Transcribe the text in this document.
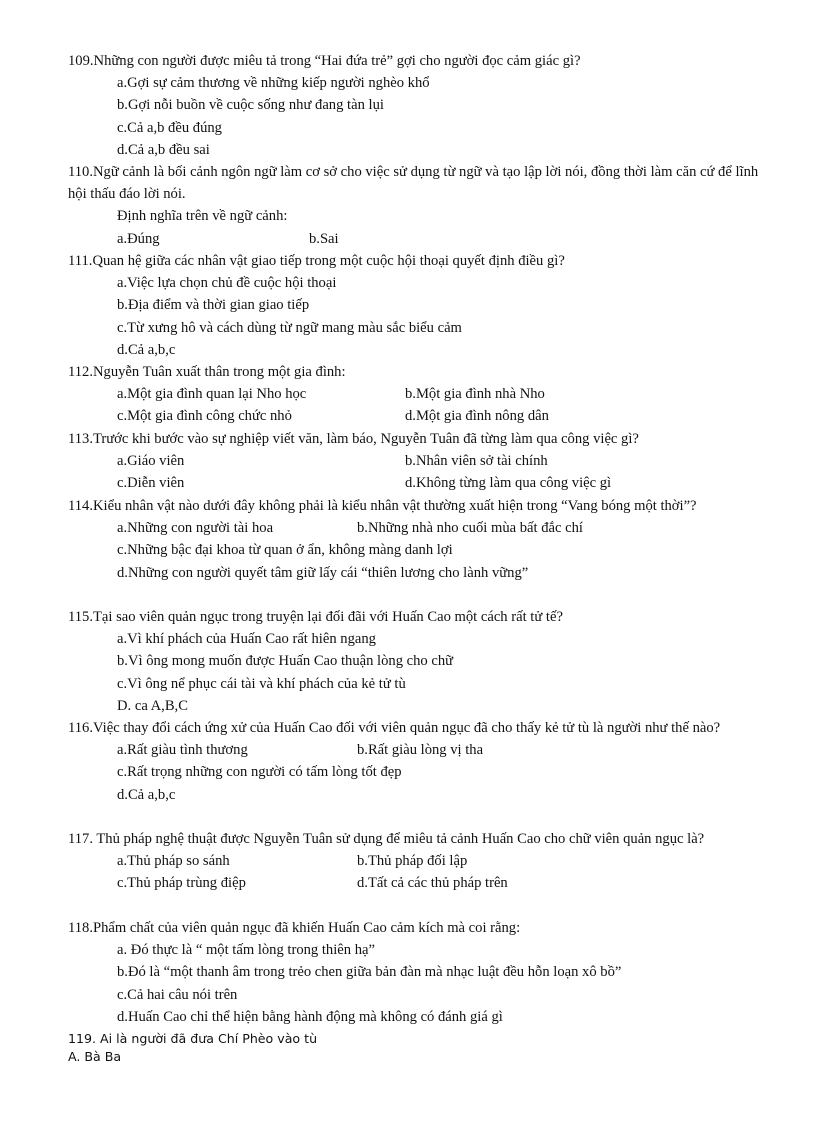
109.Những con người được miêu tả trong “Hai đứa trẻ” gợi cho người đọc cảm giác gì?
a.Gợi sự cảm thương về những kiếp người nghèo khổ
b.Gợi nỗi buồn về cuộc sống như đang tàn lụi
c.Cả a,b đều đúng
d.Cả a,b đều sai
110.Ngữ cảnh là bối cảnh ngôn ngữ làm cơ sở cho việc sử dụng từ ngữ và tạo lập lời nói, đồng thời làm căn cứ để lĩnh hội thấu đáo lời nói.
Định nghĩa trên về ngữ cảnh:
a.Đúng	b.Sai
111.Quan hệ giữa các nhân vật giao tiếp trong một cuộc hội thoại quyết định điều gì?
a.Việc lựa chọn chủ đề cuộc hội thoại
b.Địa điểm và thời gian giao tiếp
c.Từ xưng hô và cách dùng từ ngữ mang màu sắc biểu cảm
d.Cả a,b,c
112.Nguyễn Tuân xuất thân trong một gia đình:
a.Một gia đình quan lại Nho học	b.Một gia đình nhà Nho
c.Một gia đình công chức nhỏ	d.Một gia đình nông dân
113.Trước khi bước vào sự nghiệp viết văn, làm báo, Nguyễn Tuân đã từng làm qua công việc gì?
a.Giáo viên	b.Nhân viên sở tài chính
c.Diễn viên	d.Không từng làm qua công việc gì
114.Kiểu nhân vật nào dưới đây không phải là kiểu nhân vật thường xuất hiện trong “Vang bóng một thời”?
a.Những con người tài hoa	b.Những nhà nho cuối mùa bất đắc chí
c.Những bậc đại khoa từ quan ở ẩn, không màng danh lợi
d.Những con người quyết tâm giữ lấy cái “thiên lương cho lành vững”
115.Tại sao viên quản ngục trong truyện lại đối đãi với Huấn Cao một cách rất tử tế?
a.Vì khí phách của Huấn Cao rất hiên ngang
b.Vì ông mong muốn được Huấn Cao thuận lòng cho chữ
c.Vì ông nể phục cái tài và khí phách của kẻ tử tù
D. ca A,B,C
116.Việc thay đổi cách ứng xử của Huấn Cao đối với viên quản ngục đã cho thấy kẻ tử tù là người như thế nào?
a.Rất giàu tình thương	b.Rất giàu lòng vị tha
c.Rất trọng những con người có tấm lòng tốt đẹp
d.Cả a,b,c
117. Thủ pháp nghệ thuật được Nguyễn Tuân sử dụng để miêu tả cảnh Huấn Cao cho chữ viên quản ngục là?
a.Thủ pháp so sánh	b.Thủ pháp đối lập
c.Thủ pháp trùng điệp	d.Tất cả các thủ pháp trên
118.Phẩm chất của viên quản ngục đã khiến Huấn Cao cảm kích mà coi rằng:
a. Đó thực là “ một tấm lòng trong thiên hạ”
b.Đó là “một thanh âm trong trẻo chen giữa bản đàn mà nhạc luật đều hỗn loạn xô bồ”
c.Cả hai câu nói trên
d.Huấn Cao chỉ thể hiện bằng hành động mà không có đánh giá gì
119. Ai là người đã đưa Chí Phèo vào tù
A. Bà Ba
